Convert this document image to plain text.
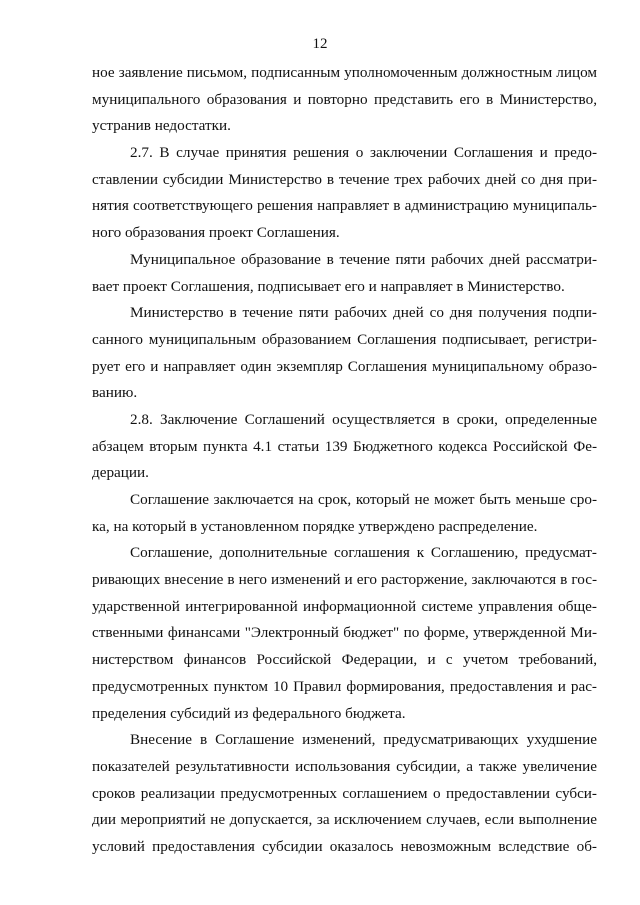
12
ное заявление письмом, подписанным уполномоченным должностным лицом
муниципального образования и повторно представить его в Министерство,
устранив недостатки.
2.7. В случае принятия решения о заключении Соглашения и предо-
ставлении субсидии Министерство в течение трех рабочих дней со дня при-
нятия соответствующего решения направляет в администрацию муниципаль-
ного образования проект Соглашения.
Муниципальное образование в течение пяти рабочих дней рассматри-
вает проект Соглашения, подписывает его и направляет в Министерство.
Министерство в течение пяти рабочих дней со дня получения подпи-
санного муниципальным образованием Соглашения подписывает, регистри-
рует его и направляет один экземпляр Соглашения муниципальному образо-
ванию.
2.8. Заключение Соглашений осуществляется в сроки, определенные
абзацем вторым пункта 4.1 статьи 139 Бюджетного кодекса Российской Фе-
дерации.
Соглашение заключается на срок, который не может быть меньше сро-
ка, на который в установленном порядке утверждено распределение.
Соглашение, дополнительные соглашения к Соглашению, предусмат-
ривающих внесение в него изменений и его расторжение, заключаются в гос-
ударственной интегрированной информационной системе управления обще-
ственными финансами "Электронный бюджет" по форме, утвержденной Ми-
нистерством финансов Российской Федерации, и с учетом требований,
предусмотренных пунктом 10 Правил формирования, предоставления и рас-
пределения субсидий из федерального бюджета.
Внесение в Соглашение изменений, предусматривающих ухудшение
показателей результативности использования субсидии, а также увеличение
сроков реализации предусмотренных соглашением о предоставлении субси-
дии мероприятий не допускается, за исключением случаев, если выполнение
условий предоставления субсидии оказалось невозможным вследствие об-
